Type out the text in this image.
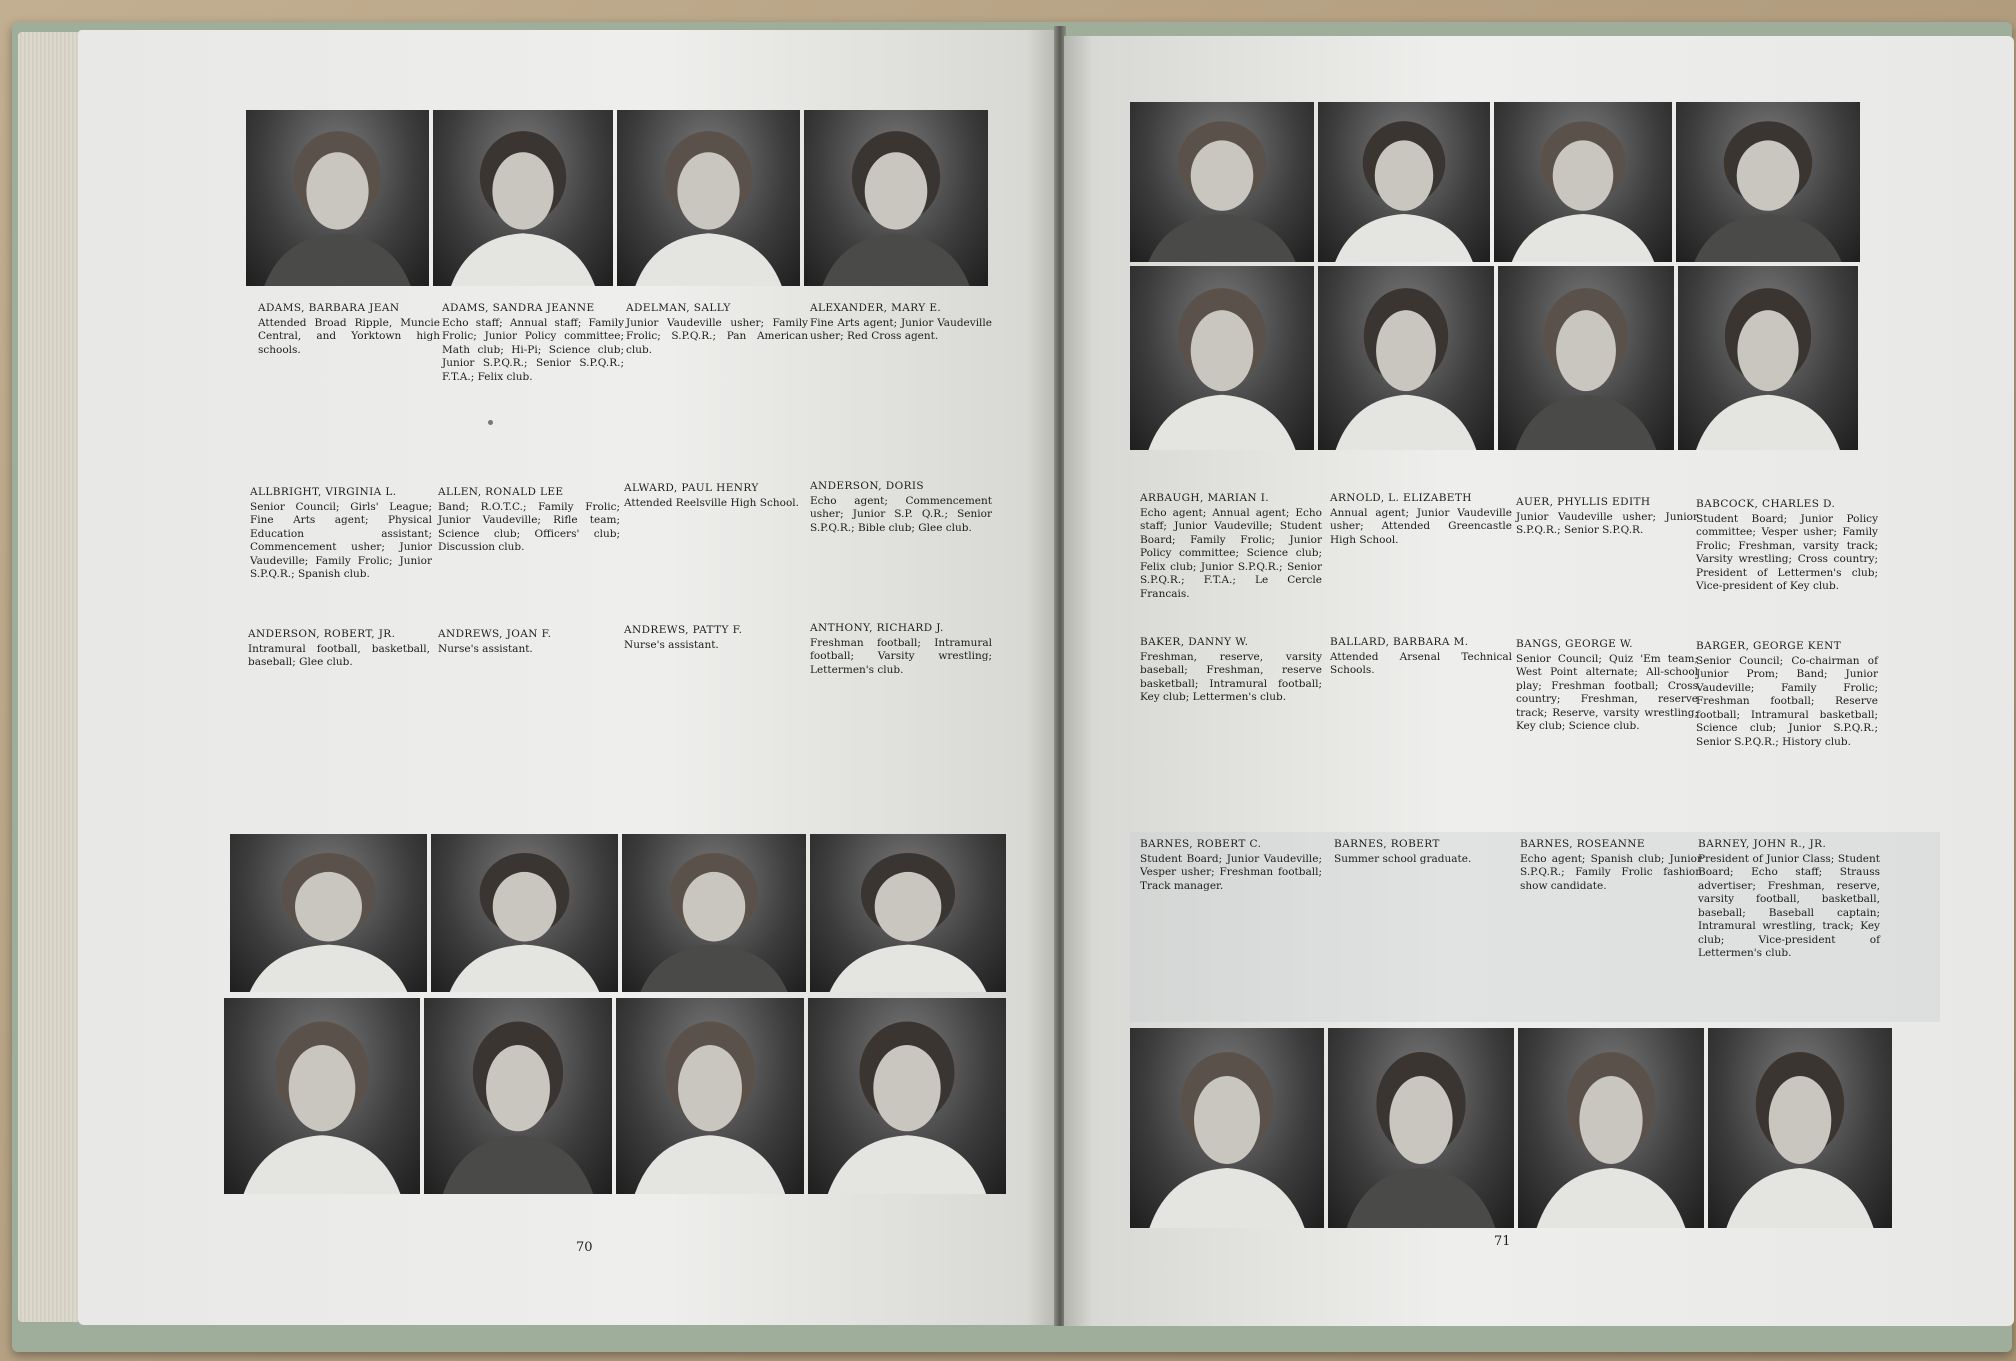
ADAMS, BARBARA JEAN
Attended Broad Ripple, Muncie Central, and Yorktown high schools.
ADAMS, SANDRA JEANNE
Echo staff; Annual staff; Family Frolic; Junior Policy committee; Math club; Hi-Pi; Science club; Junior S.P.Q.R.; Senior S.P.Q.R.; F.T.A.; Felix club.
ADELMAN, SALLY
Junior Vaudeville usher; Family Frolic; S.P.Q.R.; Pan American club.
ALEXANDER, MARY E.
Fine Arts agent; Junior Vaudeville usher; Red Cross agent.
ALLBRIGHT, VIRGINIA L.
Senior Council; Girls' League; Fine Arts agent; Physical Education assistant; Commencement usher; Junior Vaudeville; Family Frolic; Junior S.P.Q.R.; Spanish club.
ALLEN, RONALD LEE
Band; R.O.T.C.; Family Frolic; Junior Vaudeville; Rifle team; Science club; Officers' club; Discussion club.
ALWARD, PAUL HENRY
Attended Reelsville High School.
ANDERSON, DORIS
Echo agent; Commencement usher; Junior S.P. Q.R.; Senior S.P.Q.R.; Bible club; Glee club.
ANDERSON, ROBERT, JR.
Intramural football, basketball, baseball; Glee club.
ANDREWS, JOAN F.
Nurse's assistant.
ANDREWS, PATTY F.
Nurse's assistant.
ANTHONY, RICHARD J.
Freshman football; Intramural football; Varsity wrestling; Lettermen's club.
70
ARBAUGH, MARIAN I.
Echo agent; Annual agent; Echo staff; Junior Vaudeville; Student Board; Family Frolic; Junior Policy committee; Science club; Felix club; Junior S.P.Q.R.; Senior S.P.Q.R.; F.T.A.; Le Cercle Francais.
ARNOLD, L. ELIZABETH
Annual agent; Junior Vaudeville usher; Attended Greencastle High School.
AUER, PHYLLIS EDITH
Junior Vaudeville usher; Junior S.P.Q.R.; Senior S.P.Q.R.
BABCOCK, CHARLES D.
Student Board; Junior Policy committee; Vesper usher; Family Frolic; Freshman, varsity track; Varsity wrestling; Cross country; President of Lettermen's club; Vice-president of Key club.
BAKER, DANNY W.
Freshman, reserve, varsity baseball; Freshman, reserve basketball; Intramural football; Key club; Lettermen's club.
BALLARD, BARBARA M.
Attended Arsenal Technical Schools.
BANGS, GEORGE W.
Senior Council; Quiz 'Em team; West Point alternate; All-school play; Freshman football; Cross country; Freshman, reserve track; Reserve, varsity wrestling; Key club; Science club.
BARGER, GEORGE KENT
Senior Council; Co-chairman of Junior Prom; Band; Junior Vaudeville; Family Frolic; Freshman football; Reserve football; Intramural basketball; Science club; Junior S.P.Q.R.; Senior S.P.Q.R.; History club.
BARNES, ROBERT C.
Student Board; Junior Vaudeville; Vesper usher; Freshman football; Track manager.
BARNES, ROBERT
Summer school graduate.
BARNES, ROSEANNE
Echo agent; Spanish club; Junior S.P.Q.R.; Family Frolic fashion show candidate.
BARNEY, JOHN R., JR.
President of Junior Class; Student Board; Echo staff; Strauss advertiser; Freshman, reserve, varsity football, basketball, baseball; Baseball captain; Intramural wrestling, track; Key club; Vice-president of Lettermen's club.
71
